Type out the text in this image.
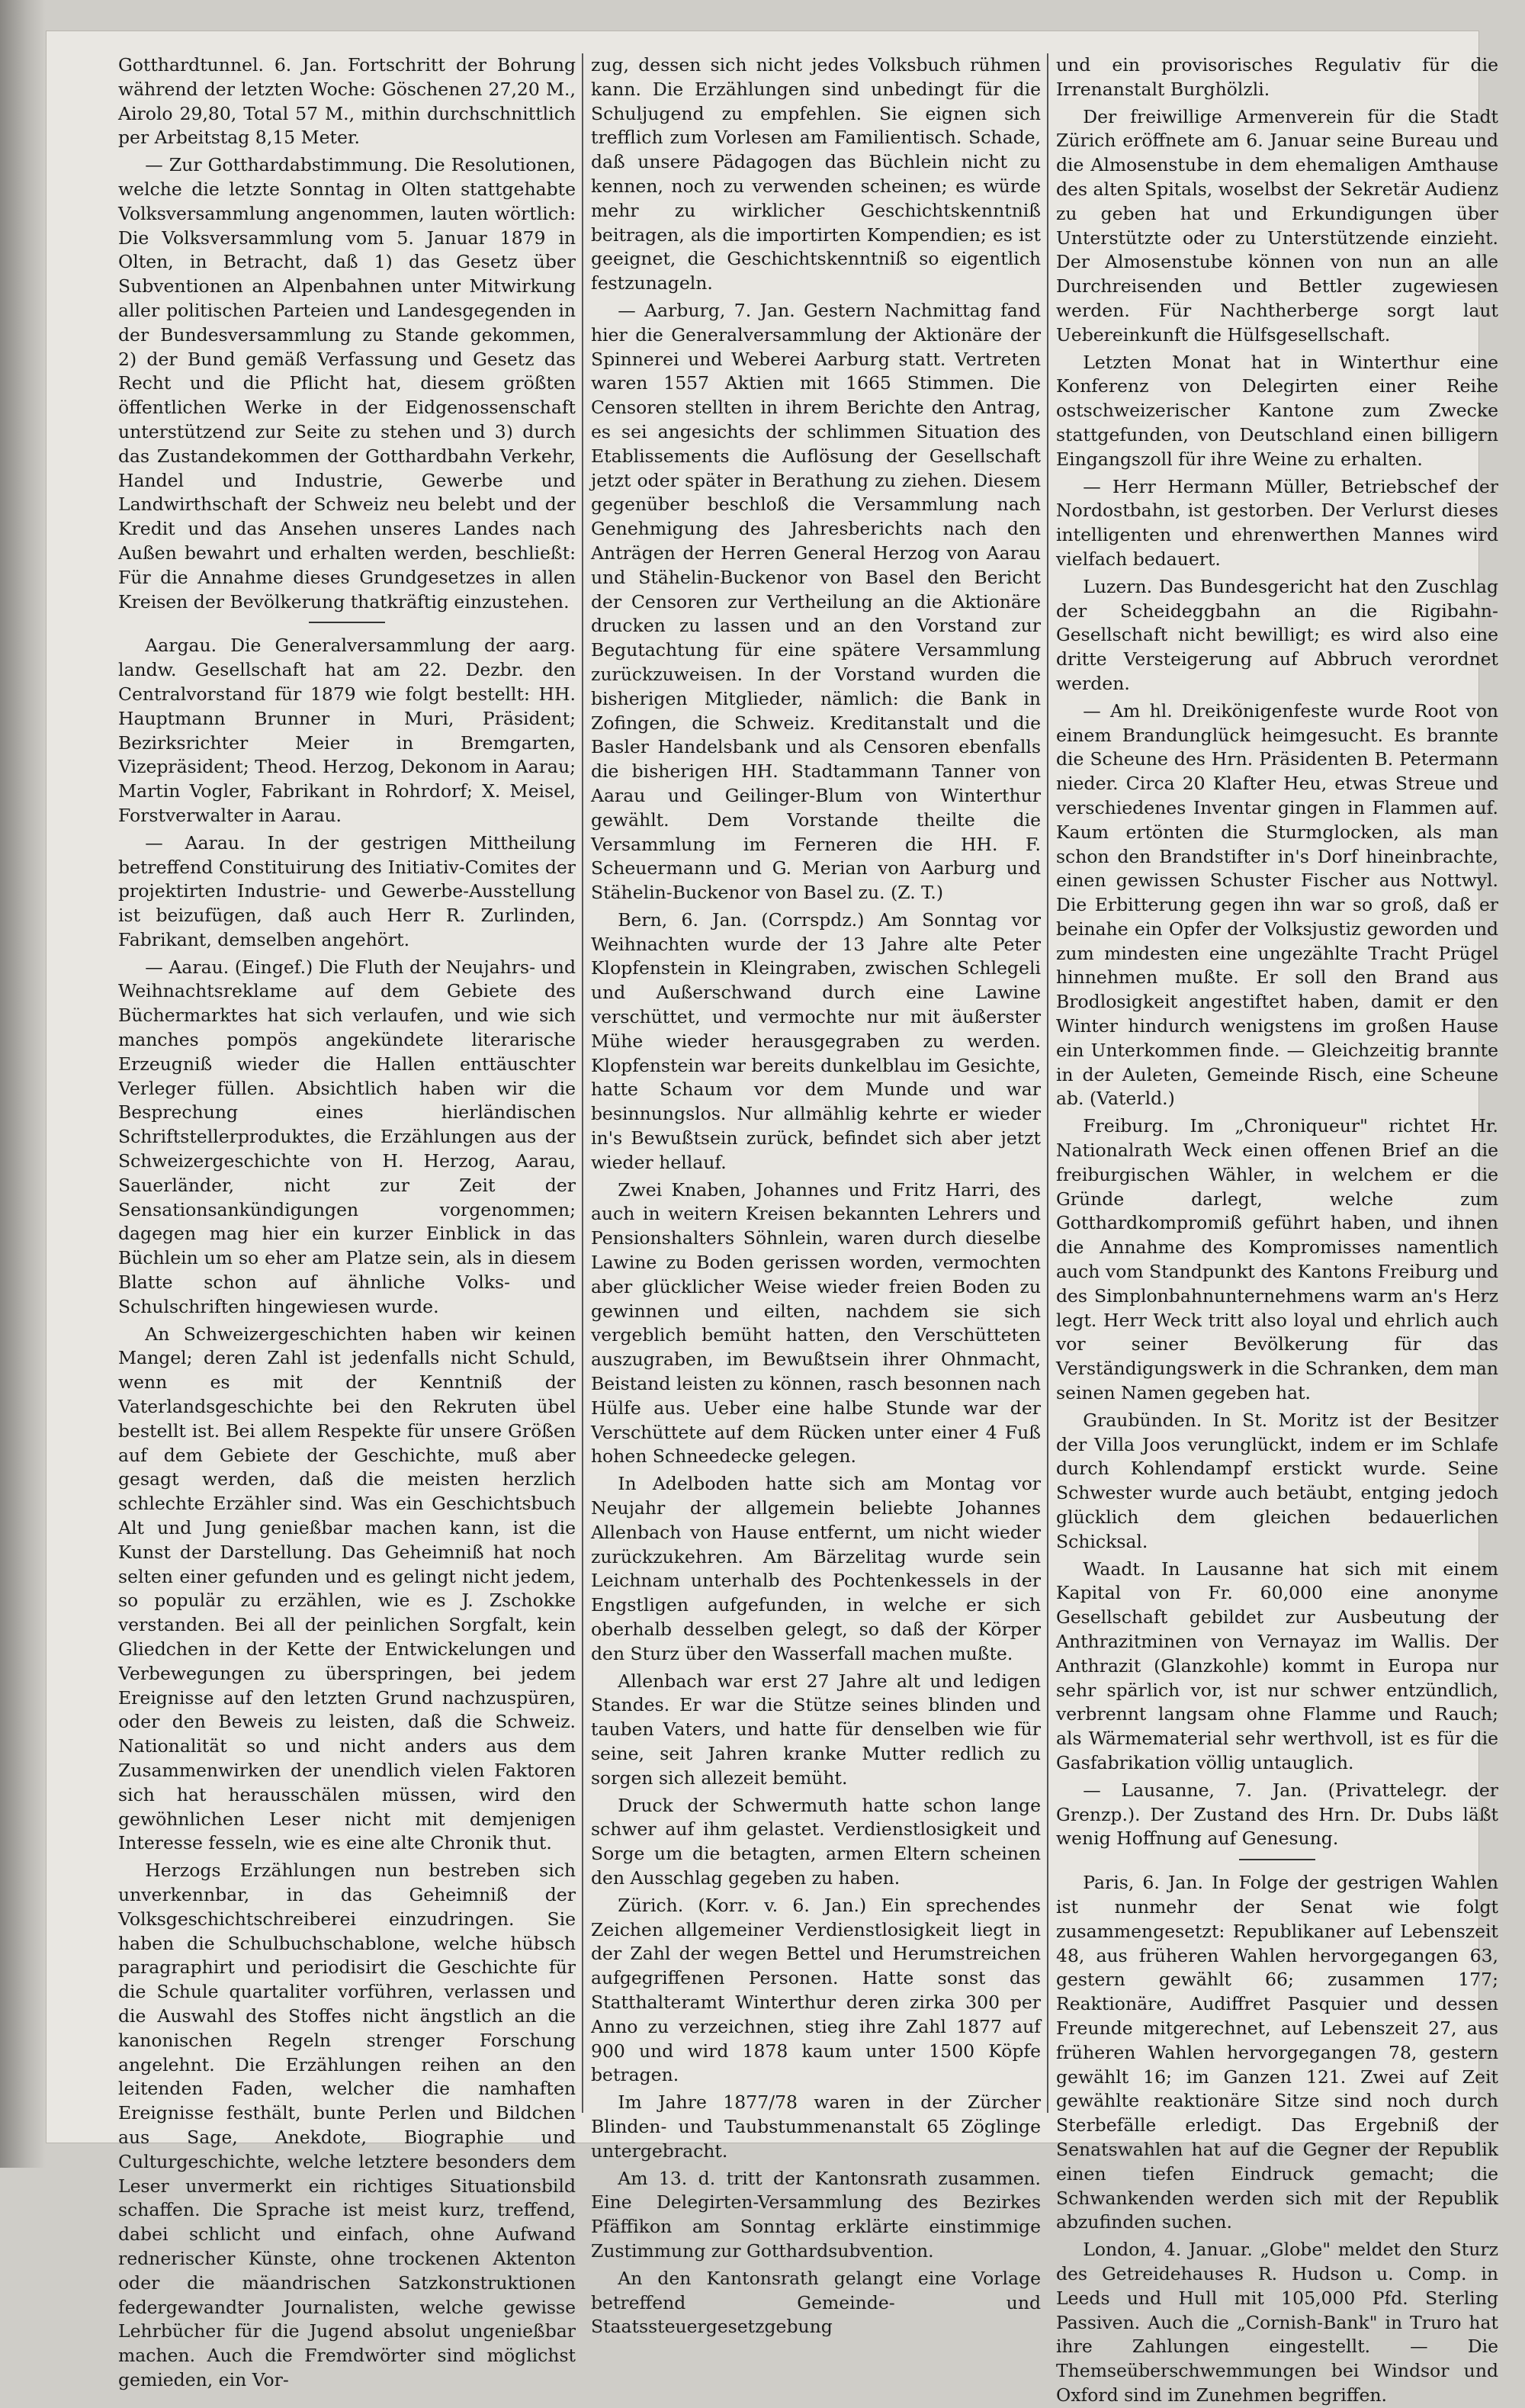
Gotthardtunnel. 6. Jan. Fortschritt der Bohrung während der letzten Woche: Göschenen 27,20 M., Airolo 29,80, Total 57 M., mithin durchschnittlich per Arbeitstag 8,15 Meter.

— Zur Gotthardabstimmung. Die Resolutionen, welche die letzte Sonntag in Olten stattgehabte Volksversammlung angenommen, lauten wörtlich: Die Volksversammlung vom 5. Januar 1879 in Olten, in Betracht, daß 1) das Gesetz über Subventionen an Alpenbahnen unter Mitwirkung aller politischen Parteien und Landesgegenden in der Bundesversammlung zu Stande gekommen, 2) der Bund gemäß Verfassung und Gesetz das Recht und die Pflicht hat, diesem größten öffentlichen Werke in der Eidgenossenschaft unterstützend zur Seite zu stehen und 3) durch das Zustandekommen der Gotthardbahn Verkehr, Handel und Industrie, Gewerbe und Landwirthschaft der Schweiz neu belebt und der Kredit und das Ansehen unseres Landes nach Außen bewahrt und erhalten werden, beschließt: Für die Annahme dieses Grundgesetzes in allen Kreisen der Bevölkerung thatkräftig einzustehen.

Aargau. Die Generalversammlung der aarg. landw. Gesellschaft hat am 22. Dezbr. den Centralvorstand für 1879 wie folgt bestellt: HH. Hauptmann Brunner in Muri, Präsident; Bezirksrichter Meier in Bremgarten, Vizepräsident; Theod. Herzog, Dekonom in Aarau; Martin Vogler, Fabrikant in Rohrdorf; X. Meisel, Forstverwalter in Aarau.

— Aarau. In der gestrigen Mittheilung betreffend Constituirung des Initiativ-Comites der projektirten Industrie- und Gewerbe-Ausstellung ist beizufügen, daß auch Herr R. Zurlinden, Fabrikant, demselben angehört.

— Aarau. (Eingef.) Die Fluth der Neujahrs- und Weihnachtsreklame auf dem Gebiete des Büchermarktes hat sich verlaufen, und wie sich manches pompös angekündete literarische Erzeugniß wieder die Hallen enttäuschter Verleger füllen. Absichtlich haben wir die Besprechung eines hierländischen Schriftstellerproduktes, die Erzählungen aus der Schweizergeschichte von H. Herzog, Aarau, Sauerländer, nicht zur Zeit der Sensationsankündigungen vorgenommen; dagegen mag hier ein kurzer Einblick in das Büchlein um so eher am Platze sein, als in diesem Blatte schon auf ähnliche Volks- und Schulschriften hingewiesen wurde.

An Schweizergeschichten haben wir keinen Mangel; deren Zahl ist jedenfalls nicht Schuld, wenn es mit der Kenntniß der Vaterlandsgeschichte bei den Rekruten übel bestellt ist. Bei allem Respekte für unsere Größen auf dem Gebiete der Geschichte, muß aber gesagt werden, daß die meisten herzlich schlechte Erzähler sind. Was ein Geschichtsbuch Alt und Jung genießbar machen kann, ist die Kunst der Darstellung. Das Geheimniß hat noch selten einer gefunden und es gelingt nicht jedem, so populär zu erzählen, wie es J. Zschokke verstanden. Bei all der peinlichen Sorgfalt, kein Gliedchen in der Kette der Entwickelungen und Verbewegungen zu überspringen, bei jedem Ereignisse auf den letzten Grund nachzuspüren, oder den Beweis zu leisten, daß die Schweiz. Nationalität so und nicht anders aus dem Zusammenwirken der unendlich vielen Faktoren sich hat herausschälen müssen, wird den gewöhnlichen Leser nicht mit demjenigen Interesse fesseln, wie es eine alte Chronik thut.

Herzogs Erzählungen nun bestreben sich unverkennbar, in das Geheimniß der Volksgeschichtschreiberei einzudringen. Sie haben die Schulbuchschablone, welche hübsch paragraphirt und periodisirt die Geschichte für die Schule quartaliter vorführen, verlassen und die Auswahl des Stoffes nicht ängstlich an die kanonischen Regeln strenger Forschung angelehnt. Die Erzählungen reihen an den leitenden Faden, welcher die namhaften Ereignisse festhält, bunte Perlen und Bildchen aus Sage, Anekdote, Biographie und Culturgeschichte, welche letztere besonders dem Leser unvermerkt ein richtiges Situationsbild schaffen. Die Sprache ist meist kurz, treffend, dabei schlicht und einfach, ohne Aufwand rednerischer Künste, ohne trockenen Aktenton oder die mäandrischen Satzkonstruktionen federgewandter Journalisten, welche gewisse Lehrbücher für die Jugend absolut ungenießbar machen. Auch die Fremdwörter sind möglichst gemieden, ein Vor-

zug, dessen sich nicht jedes Volksbuch rühmen kann. Die Erzählungen sind unbedingt für die Schuljugend zu empfehlen. Sie eignen sich trefflich zum Vorlesen am Familientisch. Schade, daß unsere Pädagogen das Büchlein nicht zu kennen, noch zu verwenden scheinen; es würde mehr zu wirklicher Geschichtskenntniß beitragen, als die importirten Kompendien; es ist geeignet, die Geschichtskenntniß so eigentlich festzunageln.

— Aarburg, 7. Jan. Gestern Nachmittag fand hier die Generalversammlung der Aktionäre der Spinnerei und Weberei Aarburg statt. Vertreten waren 1557 Aktien mit 1665 Stimmen. Die Censoren stellten in ihrem Berichte den Antrag, es sei angesichts der schlimmen Situation des Etablissements die Auflösung der Gesellschaft jetzt oder später in Berathung zu ziehen. Diesem gegenüber beschloß die Versammlung nach Genehmigung des Jahresberichts nach den Anträgen der Herren General Herzog von Aarau und Stähelin-Buckenor von Basel den Bericht der Censoren zur Vertheilung an die Aktionäre drucken zu lassen und an den Vorstand zur Begutachtung für eine spätere Versammlung zurückzuweisen. In der Vorstand wurden die bisherigen Mitglieder, nämlich: die Bank in Zofingen, die Schweiz. Kreditanstalt und die Basler Handelsbank und als Censoren ebenfalls die bisherigen HH. Stadtammann Tanner von Aarau und Geilinger-Blum von Winterthur gewählt. Dem Vorstande theilte die Versammlung im Ferneren die HH. F. Scheuermann und G. Merian von Aarburg und Stähelin-Buckenor von Basel zu. (Z. T.)

Bern, 6. Jan. (Corrspdz.) Am Sonntag vor Weihnachten wurde der 13 Jahre alte Peter Klopfenstein in Kleingraben, zwischen Schlegeli und Außerschwand durch eine Lawine verschüttet, und vermochte nur mit äußerster Mühe wieder herausgegraben zu werden. Klopfenstein war bereits dunkelblau im Gesichte, hatte Schaum vor dem Munde und war besinnungslos. Nur allmählig kehrte er wieder in's Bewußtsein zurück, befindet sich aber jetzt wieder hellauf.

Zwei Knaben, Johannes und Fritz Harri, des auch in weitern Kreisen bekannten Lehrers und Pensionshalters Söhnlein, waren durch dieselbe Lawine zu Boden gerissen worden, vermochten aber glücklicher Weise wieder freien Boden zu gewinnen und eilten, nachdem sie sich vergeblich bemüht hatten, den Verschütteten auszugraben, im Bewußtsein ihrer Ohnmacht, Beistand leisten zu können, rasch besonnen nach Hülfe aus. Ueber eine halbe Stunde war der Verschüttete auf dem Rücken unter einer 4 Fuß hohen Schneedecke gelegen.

In Adelboden hatte sich am Montag vor Neujahr der allgemein beliebte Johannes Allenbach von Hause entfernt, um nicht wieder zurückzukehren. Am Bärzelitag wurde sein Leichnam unterhalb des Pochtenkessels in der Engstligen aufgefunden, in welche er sich oberhalb desselben gelegt, so daß der Körper den Sturz über den Wasserfall machen mußte.

Allenbach war erst 27 Jahre alt und ledigen Standes. Er war die Stütze seines blinden und tauben Vaters, und hatte für denselben wie für seine, seit Jahren kranke Mutter redlich zu sorgen sich allezeit bemüht.

Druck der Schwermuth hatte schon lange schwer auf ihm gelastet. Verdienstlosigkeit und Sorge um die betagten, armen Eltern scheinen den Ausschlag gegeben zu haben.

Zürich. (Korr. v. 6. Jan.) Ein sprechendes Zeichen allgemeiner Verdienstlosigkeit liegt in der Zahl der wegen Bettel und Herumstreichen aufgegriffenen Personen. Hatte sonst das Statthalteramt Winterthur deren zirka 300 per Anno zu verzeichnen, stieg ihre Zahl 1877 auf 900 und wird 1878 kaum unter 1500 Köpfe betragen.

Im Jahre 1877/78 waren in der Zürcher Blinden- und Taubstummenanstalt 65 Zöglinge untergebracht.

Am 13. d. tritt der Kantonsrath zusammen. Eine Delegirten-Versammlung des Bezirkes Pfäffikon am Sonntag erklärte einstimmige Zustimmung zur Gotthardsubvention.

An den Kantonsrath gelangt eine Vorlage betreffend Gemeinde- und Staatssteuergesetzgebung

und ein provisorisches Regulativ für die Irrenanstalt Burghölzli.

Der freiwillige Armenverein für die Stadt Zürich eröffnete am 6. Januar seine Bureau und die Almosenstube in dem ehemaligen Amthause des alten Spitals, woselbst der Sekretär Audienz zu geben hat und Erkundigungen über Unterstützte oder zu Unterstützende einzieht. Der Almosenstube können von nun an alle Durchreisenden und Bettler zugewiesen werden. Für Nachtherberge sorgt laut Uebereinkunft die Hülfsgesellschaft.

Letzten Monat hat in Winterthur eine Konferenz von Delegirten einer Reihe ostschweizerischer Kantone zum Zwecke stattgefunden, von Deutschland einen billigern Eingangszoll für ihre Weine zu erhalten.

— Herr Hermann Müller, Betriebschef der Nordostbahn, ist gestorben. Der Verlurst dieses intelligenten und ehrenwerthen Mannes wird vielfach bedauert.

Luzern. Das Bundesgericht hat den Zuschlag der Scheideggbahn an die Rigibahn-Gesellschaft nicht bewilligt; es wird also eine dritte Versteigerung auf Abbruch verordnet werden.

— Am hl. Dreikönigenfeste wurde Root von einem Brandunglück heimgesucht. Es brannte die Scheune des Hrn. Präsidenten B. Petermann nieder. Circa 20 Klafter Heu, etwas Streue und verschiedenes Inventar gingen in Flammen auf. Kaum ertönten die Sturmglocken, als man schon den Brandstifter in's Dorf hineinbrachte, einen gewissen Schuster Fischer aus Nottwyl. Die Erbitterung gegen ihn war so groß, daß er beinahe ein Opfer der Volksjustiz geworden und zum mindesten eine ungezählte Tracht Prügel hinnehmen mußte. Er soll den Brand aus Brodlosigkeit angestiftet haben, damit er den Winter hindurch wenigstens im großen Hause ein Unterkommen finde. — Gleichzeitig brannte in der Auleten, Gemeinde Risch, eine Scheune ab. (Vaterld.)

Freiburg. Im „Chroniqueur" richtet Hr. Nationalrath Weck einen offenen Brief an die freiburgischen Wähler, in welchem er die Gründe darlegt, welche zum Gotthardkompromiß geführt haben, und ihnen die Annahme des Kompromisses namentlich auch vom Standpunkt des Kantons Freiburg und des Simplonbahnunternehmens warm an's Herz legt. Herr Weck tritt also loyal und ehrlich auch vor seiner Bevölkerung für das Verständigungswerk in die Schranken, dem man seinen Namen gegeben hat.

Graubünden. In St. Moritz ist der Besitzer der Villa Joos verunglückt, indem er im Schlafe durch Kohlendampf erstickt wurde. Seine Schwester wurde auch betäubt, entging jedoch glücklich dem gleichen bedauerlichen Schicksal.

Waadt. In Lausanne hat sich mit einem Kapital von Fr. 60,000 eine anonyme Gesellschaft gebildet zur Ausbeutung der Anthrazitminen von Vernayaz im Wallis. Der Anthrazit (Glanzkohle) kommt in Europa nur sehr spärlich vor, ist nur schwer entzündlich, verbrennt langsam ohne Flamme und Rauch; als Wärmematerial sehr werthvoll, ist es für die Gasfabrikation völlig untauglich.

— Lausanne, 7. Jan. (Privattelegr. der Grenzp.). Der Zustand des Hrn. Dr. Dubs läßt wenig Hoffnung auf Genesung.

Paris, 6. Jan. In Folge der gestrigen Wahlen ist nunmehr der Senat wie folgt zusammengesetzt: Republikaner auf Lebenszeit 48, aus früheren Wahlen hervorgegangen 63, gestern gewählt 66; zusammen 177; Reaktionäre, Audiffret Pasquier und dessen Freunde mitgerechnet, auf Lebenszeit 27, aus früheren Wahlen hervorgegangen 78, gestern gewählt 16; im Ganzen 121. Zwei auf Zeit gewählte reaktionäre Sitze sind noch durch Sterbefälle erledigt. Das Ergebniß der Senatswahlen hat auf die Gegner der Republik einen tiefen Eindruck gemacht; die Schwankenden werden sich mit der Republik abzufinden suchen.

London, 4. Januar. „Globe" meldet den Sturz des Getreidehauses R. Hudson u. Comp. in Leeds und Hull mit 105,000 Pfd. Sterling Passiven. Auch die „Cornish-Bank" in Truro hat ihre Zahlungen eingestellt. — Die Themseüberschwemmungen bei Windsor und Oxford sind im Zunehmen begriffen.
